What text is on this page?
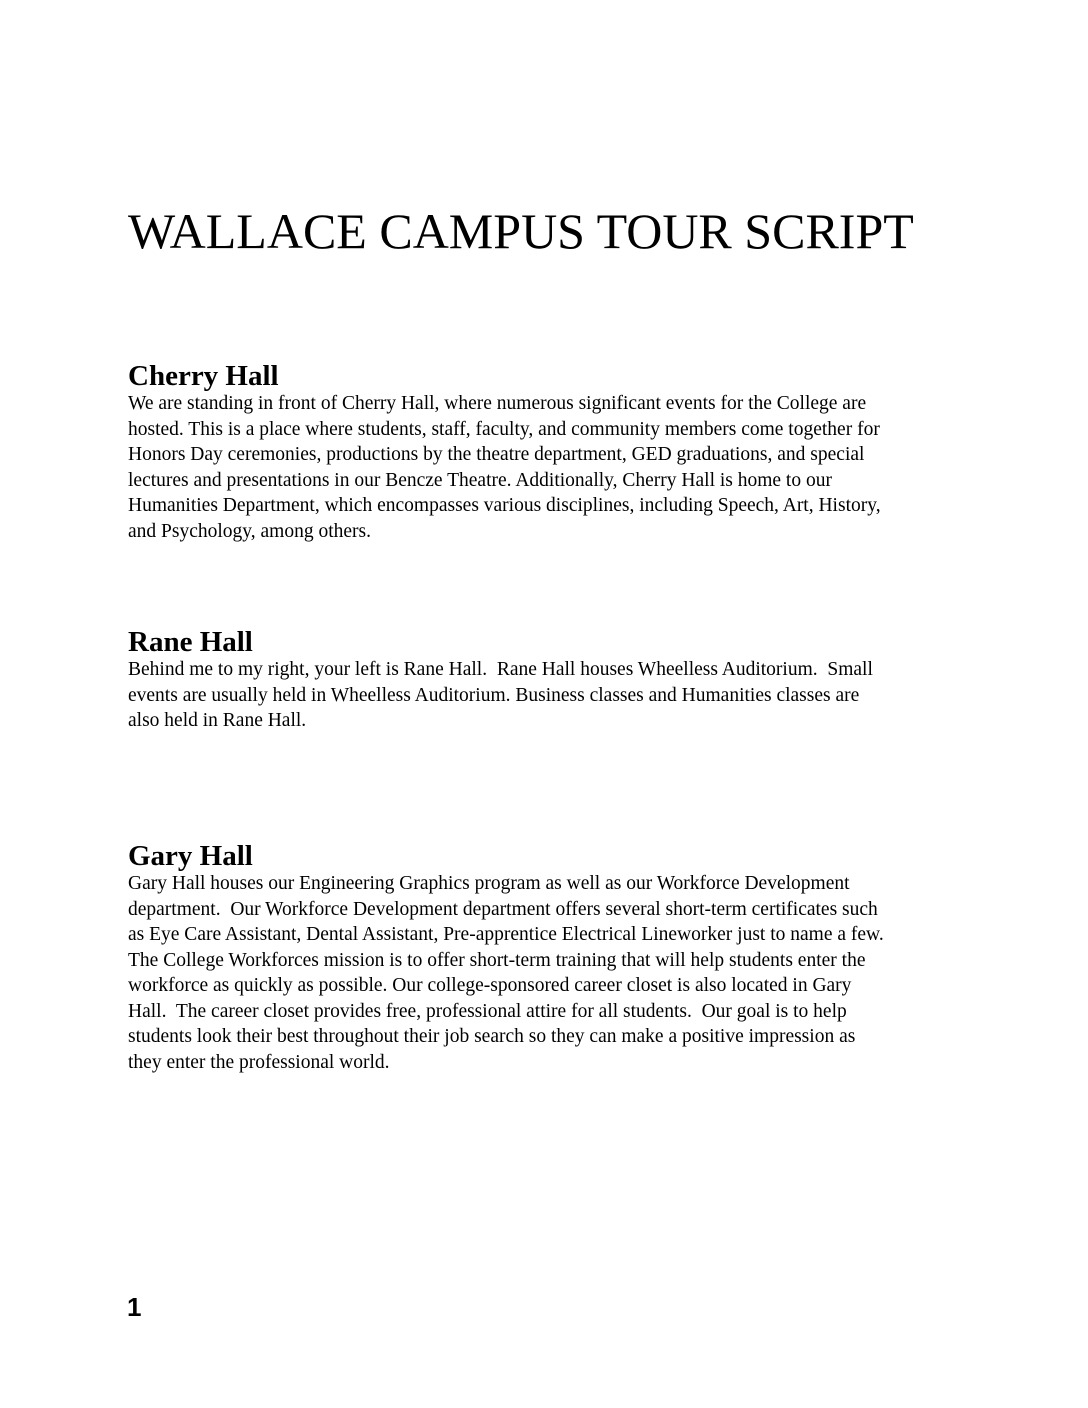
WALLACE CAMPUS TOUR SCRIPT
Cherry Hall
We are standing in front of Cherry Hall, where numerous significant events for the College are
hosted. This is a place where students, staff, faculty, and community members come together for
Honors Day ceremonies, productions by the theatre department, GED graduations, and special
lectures and presentations in our Bencze Theatre. Additionally, Cherry Hall is home to our
Humanities Department, which encompasses various disciplines, including Speech, Art, History,
and Psychology, among others.
Rane Hall
Behind me to my right, your left is Rane Hall.  Rane Hall houses Wheelless Auditorium.  Small
events are usually held in Wheelless Auditorium. Business classes and Humanities classes are
also held in Rane Hall.
Gary Hall
Gary Hall houses our Engineering Graphics program as well as our Workforce Development
department.  Our Workforce Development department offers several short-term certificates such
as Eye Care Assistant, Dental Assistant, Pre-apprentice Electrical Lineworker just to name a few.
The College Workforces mission is to offer short-term training that will help students enter the
workforce as quickly as possible. Our college-sponsored career closet is also located in Gary
Hall.  The career closet provides free, professional attire for all students.  Our goal is to help
students look their best throughout their job search so they can make a positive impression as
they enter the professional world.
1
